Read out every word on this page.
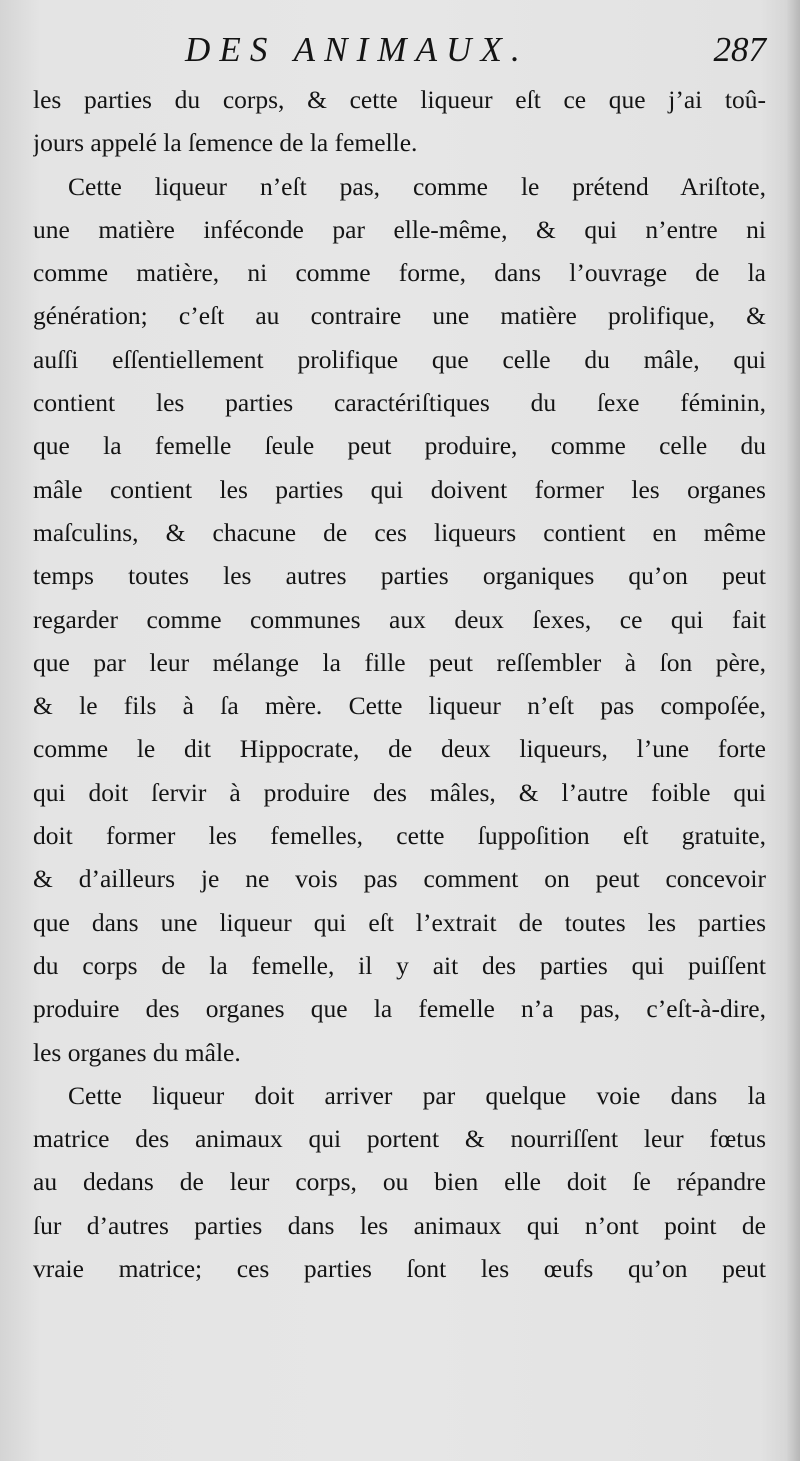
DES ANIMAUX.	287
les parties du corps, & cette liqueur eſt ce que j’ai toû-
jours appelé la ſemence de la femelle.
Cette liqueur n’eſt pas, comme le prétend Ariſtote,
une matière inféconde par elle-même, & qui n’entre ni
comme matière, ni comme forme, dans l’ouvrage de la
génération; c’eſt au contraire une matière prolifique, &
auſſi eſſentiellement prolifique que celle du mâle, qui
contient les parties caractériſtiques du ſexe féminin,
que la femelle ſeule peut produire, comme celle du
mâle contient les parties qui doivent former les organes
maſculins, & chacune de ces liqueurs contient en même
temps toutes les autres parties organiques qu’on peut
regarder comme communes aux deux ſexes, ce qui fait
que par leur mélange la fille peut reſſembler à ſon père,
& le fils à ſa mère. Cette liqueur n’eſt pas compoſée,
comme le dit Hippocrate, de deux liqueurs, l’une forte
qui doit ſervir à produire des mâles, & l’autre foible qui
doit former les femelles, cette ſuppoſition eſt gratuite,
& d’ailleurs je ne vois pas comment on peut concevoir
que dans une liqueur qui eſt l’extrait de toutes les parties
du corps de la femelle, il y ait des parties qui puiſſent
produire des organes que la femelle n’a pas, c’eſt-à-dire,
les organes du mâle.
Cette liqueur doit arriver par quelque voie dans la
matrice des animaux qui portent & nourriſſent leur fœtus
au dedans de leur corps, ou bien elle doit ſe répandre
ſur d’autres parties dans les animaux qui n’ont point de
vraie matrice; ces parties ſont les œufs qu’on peut
